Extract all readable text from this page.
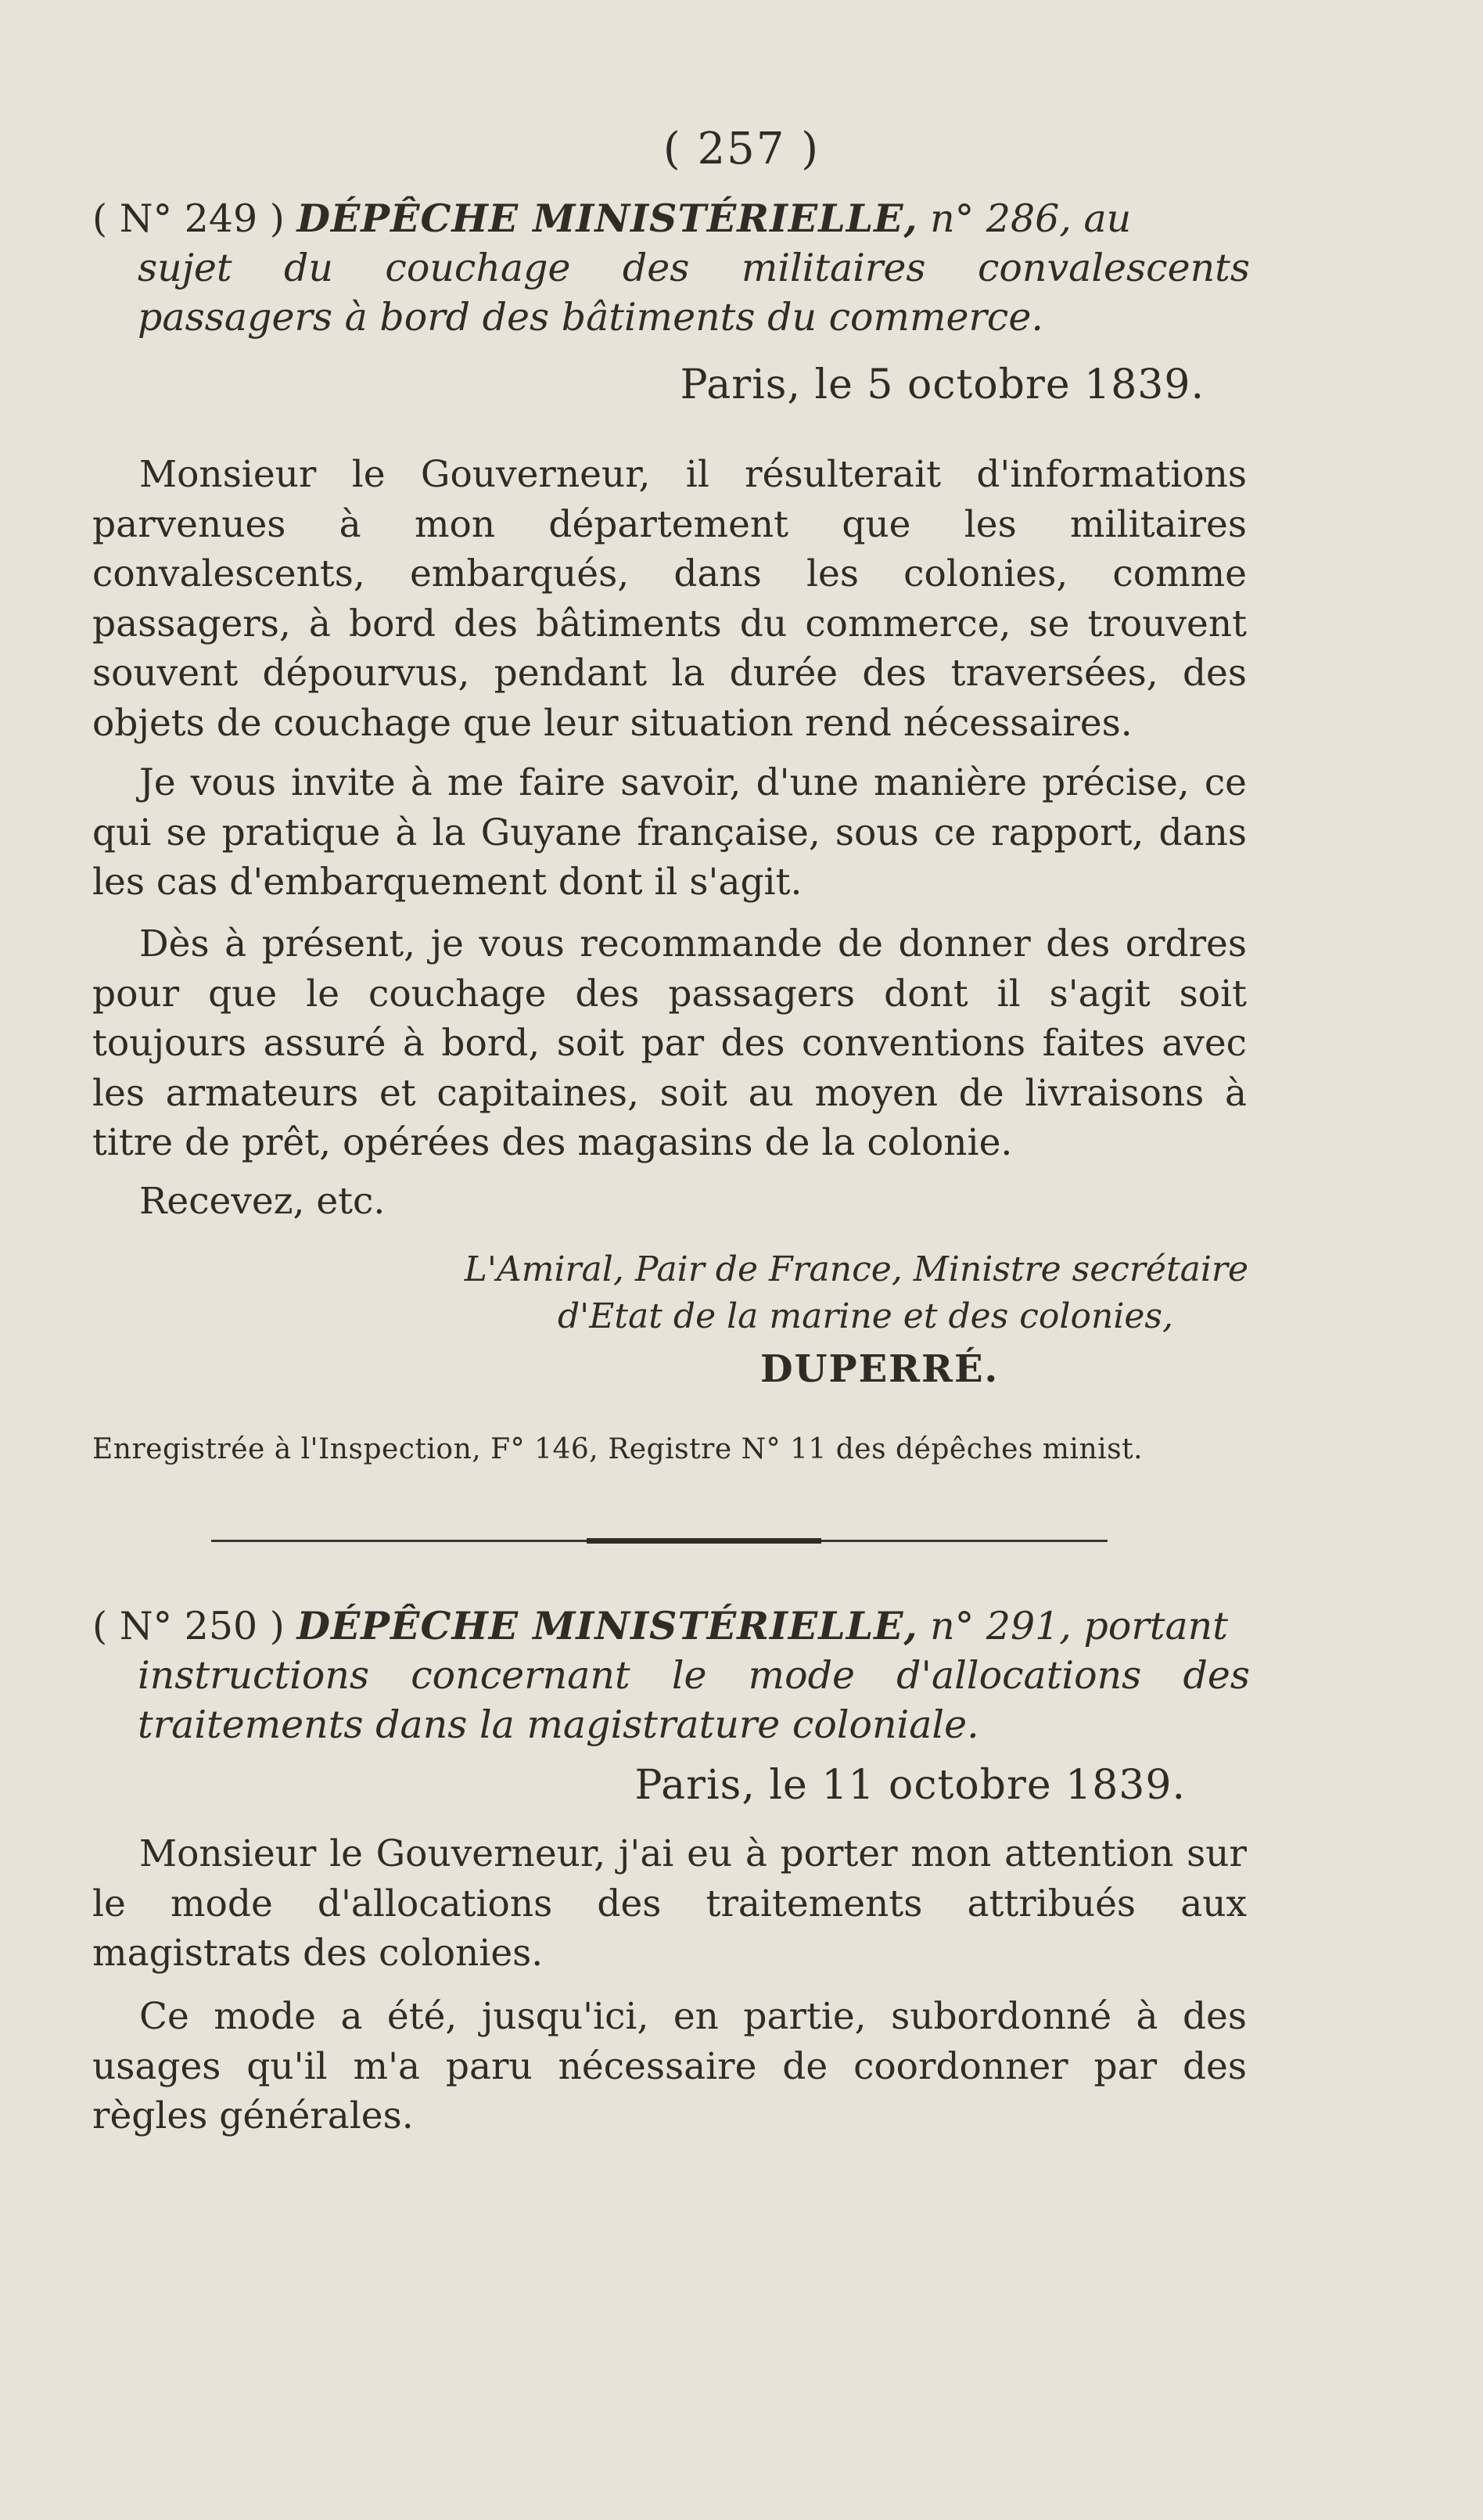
( 257 )
( N° 249 ) DÉPÊCHE MINISTÉRIELLE, n° 286, au
sujet du couchage des militaires convalescents passagers à bord des bâtiments du commerce.
Paris, le 5 octobre 1839.

Monsieur le Gouverneur, il résulterait d'informations parvenues à mon département que les militaires convalescents, embarqués, dans les colonies, comme passagers, à bord des bâtiments du commerce, se trouvent souvent dépourvus, pendant la durée des traversées, des objets de couchage que leur situation rend nécessaires.

Je vous invite à me faire savoir, d'une manière précise, ce qui se pratique à la Guyane française, sous ce rapport, dans les cas d'embarquement dont il s'agit.

Dès à présent, je vous recommande de donner des ordres pour que le couchage des passagers dont il s'agit soit toujours assuré à bord, soit par des conventions faites avec les armateurs et capitaines, soit au moyen de livraisons à titre de prêt, opérées des magasins de la colonie.

Recevez, etc.

L'Amiral, Pair de France, Ministre secrétaire
d'Etat de la marine et des colonies,
DUPERRÉ.
Enregistrée à l'Inspection, F° 146, Registre N° 11 des dépêches minist.
( N° 250 ) DÉPÊCHE MINISTÉRIELLE, n° 291, portant
instructions concernant le mode d'allocations des traitements dans la magistrature coloniale.
Paris, le 11 octobre 1839.

Monsieur le Gouverneur, j'ai eu à porter mon attention sur le mode d'allocations des traitements attribués aux magistrats des colonies.

Ce mode a été, jusqu'ici, en partie, subordonné à des usages qu'il m'a paru nécessaire de coordonner par des règles générales.
